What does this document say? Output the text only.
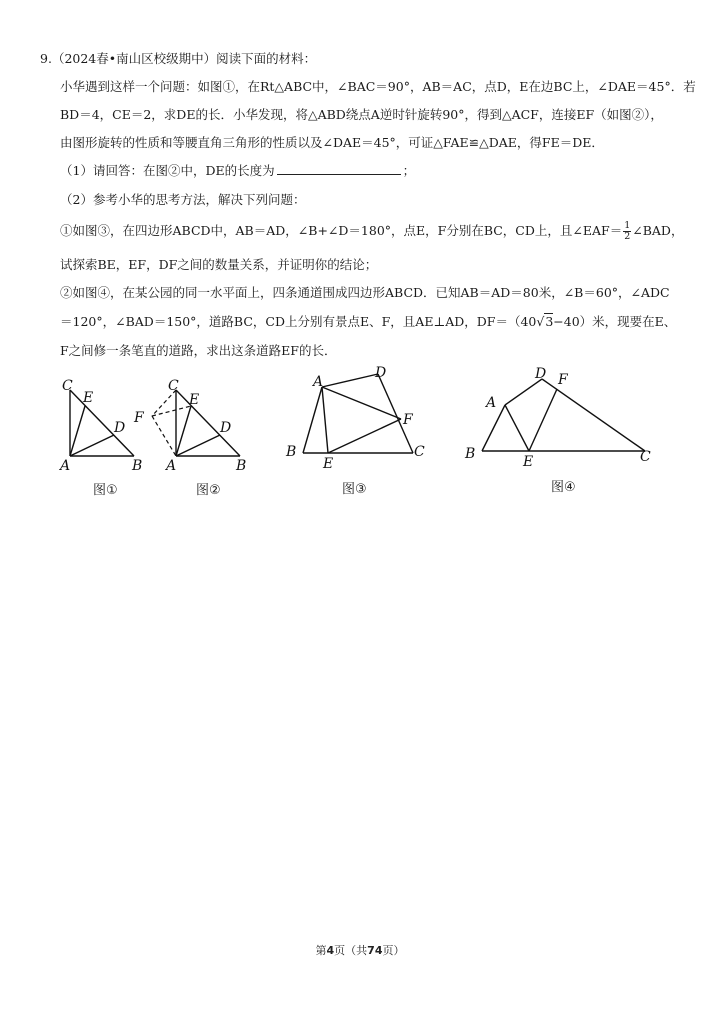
9.（2024春•南山区校级期中）阅读下面的材料：
小华遇到这样一个问题：如图①，在Rt△ABC中，∠BAC＝90°，AB＝AC，点D，E在边BC上，∠DAE＝45°．若
BD＝4，CE＝2，求DE的长．小华发现，将△ABD绕点A逆时针旋转90°，得到△ACF，连接EF（如图②），
由图形旋转的性质和等腰直角三角形的性质以及∠DAE＝45°，可证△FAE≌△DAE，得FE＝DE．
（1）请回答：在图②中，DE的长度为	；
（2）参考小华的思考方法，解决下列问题：
①如图③，在四边形ABCD中，AB＝AD，∠B+∠D＝180°，点E，F分别在BC，CD上，且∠EAF＝ $\frac{1}{2}$ ∠BAD，
试探索BE，EF，DF之间的数量关系，并证明你的结论；
②如图④，在某公园的同一水平面上，四条通道围成四边形ABCD．已知AB＝AD＝80米，∠B＝60°，∠ADC
＝120°，∠BAD＝150°，道路BC，CD上分别有景点E、F，且AE⊥AD，DF＝（40√3−40）米，现要在E、
F之间修一条笔直的道路，求出这条道路EF的长．
C
E
D
A	B
图①
C
E
F
D
A	B
图②
A
D
F
B	C
E
图③
A
D F
B	C
E
图④
第4页（共74页）
